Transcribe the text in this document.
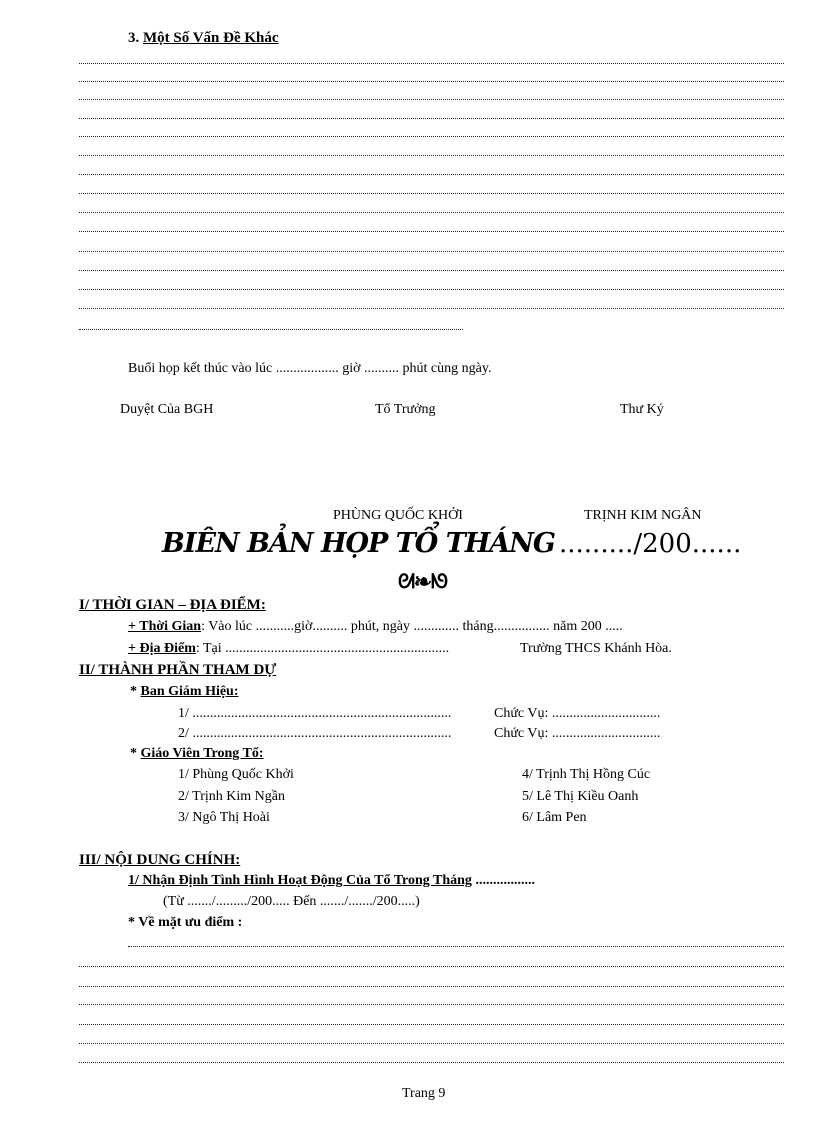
3. Một Số Vấn Đề Khác
Buổi họp kết thúc vào lúc .................. giờ .......... phút cùng ngày.
Duyệt Của BGH	Tổ Trưởng	Thư Ký
PHÙNG QUỐC KHỞI	TRỊNH KIM NGÂN
BIÊN BẢN HỌP TỔ THÁNG ........./200......
ᘛ❧ᘚ
I/ THỜI GIAN – ĐỊA ĐIỂM:
+ Thời Gian: Vào lúc ...........giờ.......... phút, ngày ............. tháng................ năm 200 .....
+ Địa Điểm: Tại ................................................................	Trường THCS Khánh Hòa.
II/ THÀNH PHẦN THAM DỰ
* Ban Giám Hiệu:
1/ ..........................................................................	Chức Vụ: ...............................
2/ ..........................................................................	Chức Vụ: ...............................
* Giáo Viên Trong Tổ:
1/ Phùng Quốc Khởi
2/ Trịnh Kim Ngần
3/ Ngô Thị Hoài
4/ Trịnh Thị Hồng Cúc
5/ Lê Thị Kiều Oanh
6/ Lâm Pen
III/ NỘI DUNG CHÍNH:
1/ Nhận Định Tình Hình Hoạt Động Của Tổ Trong Tháng .................
(Từ ......./........./200..... Đến ......./......./200.....)
* Về mặt ưu điểm :
Trang 9
